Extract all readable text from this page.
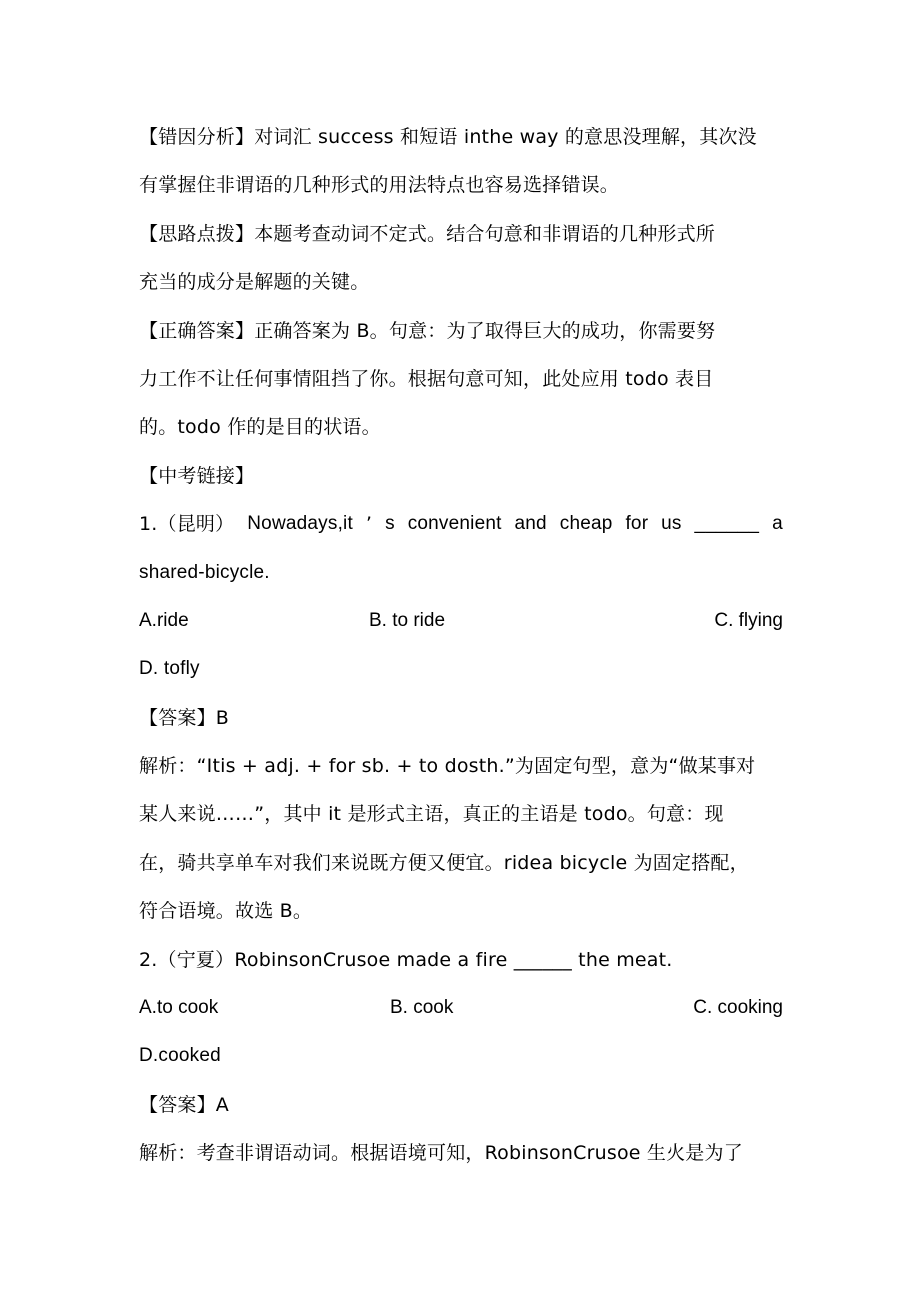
【错因分析】对词汇 success 和短语 inthe way 的意思没理解，其次没
有掌握住非谓语的几种形式的用法特点也容易选择错误。
【思路点拨】本题考查动词不定式。结合句意和非谓语的几种形式所
充当的成分是解题的关键。
【正确答案】正确答案为 B。句意：为了取得巨大的成功，你需要努
力工作不让任何事情阻挡了你。根据句意可知，此处应用 todo 表目
的。todo 作的是目的状语。
【中考链接】
1.（昆明） Nowadays,it ’ s convenient and cheap for us ______ a
shared-bicycle.
A.ride	B. to ride	C. flying
D. tofly
【答案】B
解析：“Itis + adj. + for sb. + to dosth.”为固定句型，意为“做某事对
某人来说……”，其中 it 是形式主语，真正的主语是 todo。句意：现
在，骑共享单车对我们来说既方便又便宜。ridea bicycle 为固定搭配，
符合语境。故选 B。
2.（宁夏）RobinsonCrusoe made a fire ______ the meat.
A.to cook	B. cook	C. cooking
D.cooked
【答案】A
解析：考查非谓语动词。根据语境可知，RobinsonCrusoe 生火是为了
